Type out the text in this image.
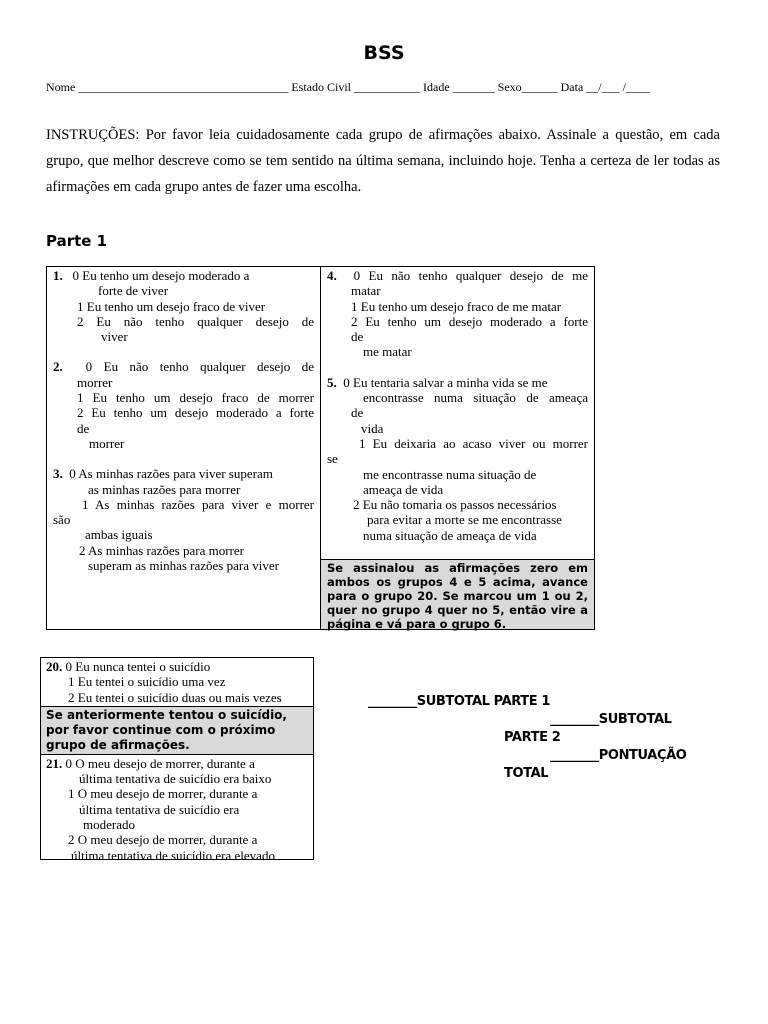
BSS
Nome ___________________________________ Estado Civil ___________ Idade _______ Sexo______ Data __/___ /____
INSTRUÇÕES: Por favor leia cuidadosamente cada grupo de afirmações abaixo. Assinale a questão, em cada grupo, que melhor descreve como se tem sentido na última semana, incluindo hoje. Tenha a certeza de ler todas as afirmações em cada grupo antes de fazer uma escolha.
Parte 1
1. 0 Eu tenho um desejo moderado a
forte de viver
1 Eu tenho um desejo fraco de viver
2 Eu não tenho qualquer desejo de
viver
2. 0 Eu não tenho qualquer desejo de
morrer
1 Eu tenho um desejo fraco de morrer
2 Eu tenho um desejo moderado a forte
de
morrer
3. 0 As minhas razões para viver superam
as minhas razões para morrer
1 As minhas razões para viver e morrer
são
ambas iguais
2 As minhas razões para morrer
superam as minhas razões para viver
4. 0 Eu não tenho qualquer desejo de me
matar
1 Eu tenho um desejo fraco de me matar
2 Eu tenho um desejo moderado a forte
de
me matar
5. 0 Eu tentaria salvar a minha vida se me
encontrasse numa situação de ameaça
de
vida
1 Eu deixaria ao acaso viver ou morrer
se
me encontrasse numa situação de
ameaça de vida
2 Eu não tomaria os passos necessários
para evitar a morte se me encontrasse
numa situação de ameaça de vida
Se assinalou as afirmações zero em ambos os grupos 4 e 5 acima, avance para o grupo 20. Se marcou um 1 ou 2, quer no grupo 4 quer no 5, então vire a página e vá para o grupo 6.
20. 0 Eu nunca tentei o suicídio
1 Eu tentei o suicídio uma vez
2 Eu tentei o suicídio duas ou mais vezes
Se anteriormente tentou o suicídio, por favor continue com o próximo grupo de afirmações.
21. 0 O meu desejo de morrer, durante a
última tentativa de suicídio era baixo
1 O meu desejo de morrer, durante a
última tentativa de suicídio era
moderado
2 O meu desejo de morrer, durante a
última tentativa de suicídio era elevado
________SUBTOTAL PARTE 1
________SUBTOTAL
PARTE 2
________PONTUAÇÃO
TOTAL
